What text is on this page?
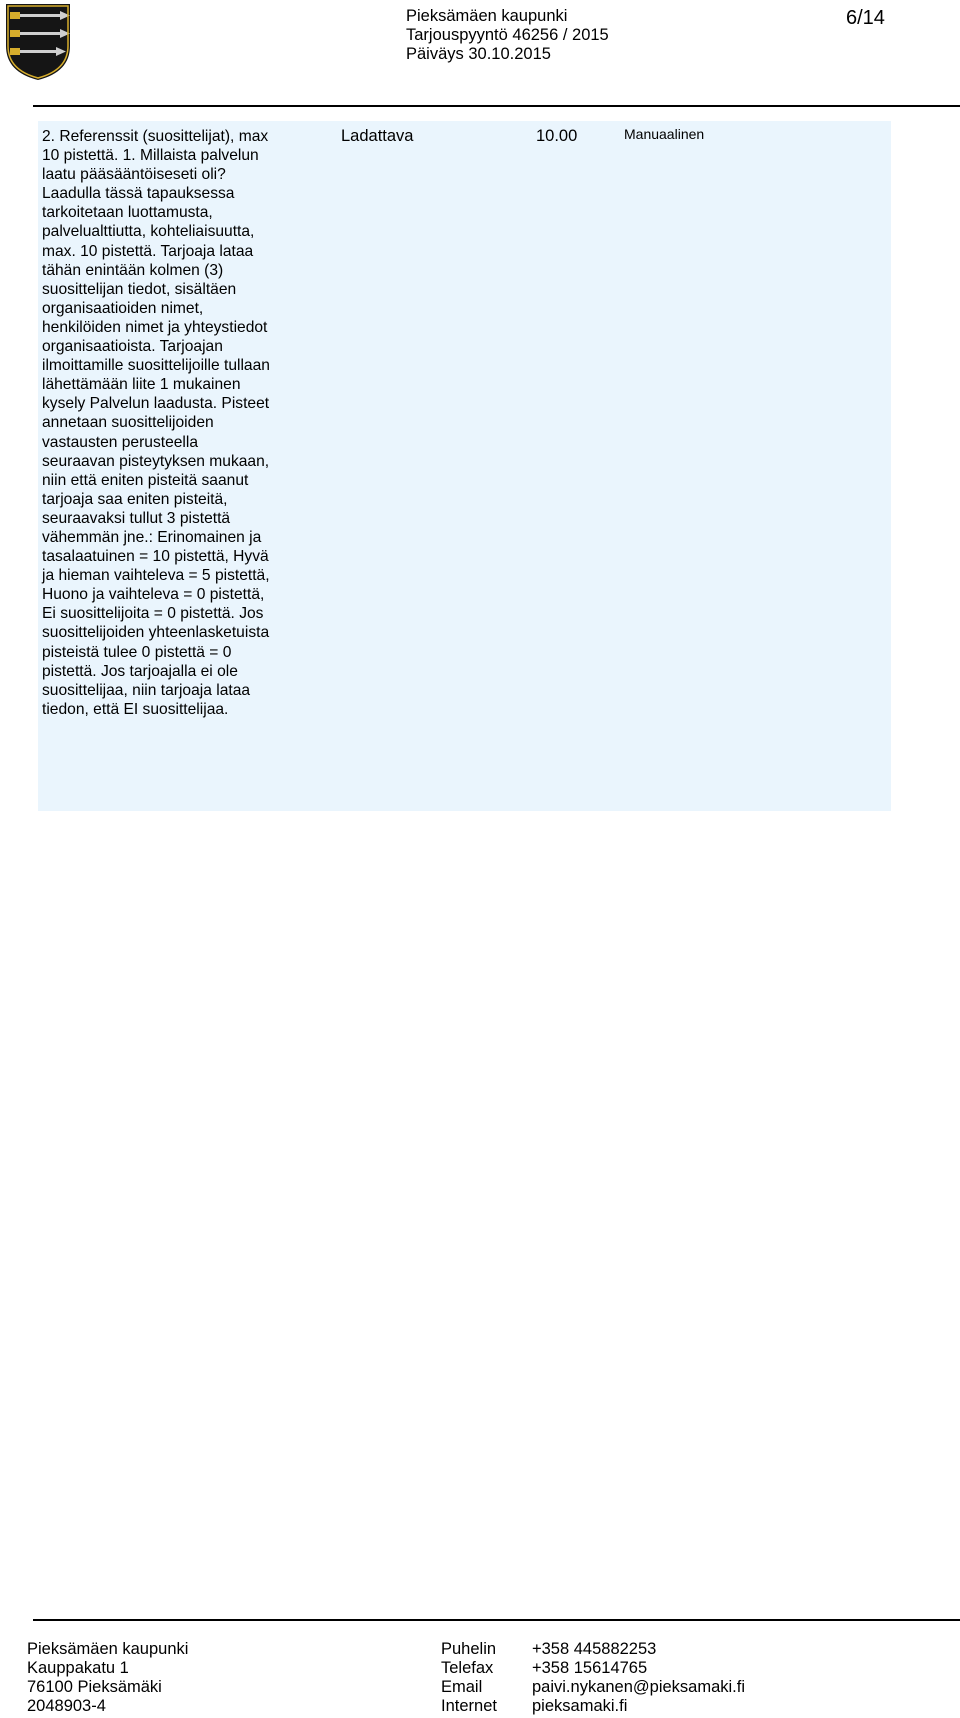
Pieksämäen kaupunki
Tarjouspyyntö 46256 / 2015
Päiväys 30.10.2015
6/14
2. Referenssit (suosittelijat), max 10 pistettä. 1. Millaista palvelun laatu pääsääntöiseseti oli? Laadulla tässä tapauksessa tarkoitetaan luottamusta, palvelualttiutta, kohteliaisuutta, max. 10 pistettä. Tarjoaja lataa tähän enintään kolmen (3) suosittelijan tiedot, sisältäen organisaatioiden nimet, henkilöiden nimet ja yhteystiedot organisaatioista. Tarjoajan ilmoittamille suosittelijoille tullaan lähettämään liite 1 mukainen kysely Palvelun laadusta. Pisteet annetaan suosittelijoiden vastausten perusteella seuraavan pisteytyksen mukaan, niin että eniten pisteitä saanut tarjoaja saa eniten pisteitä, seuraavaksi tullut 3 pistettä vähemmän jne.: Erinomainen ja tasalaatuinen = 10 pistettä, Hyvä ja hieman vaihteleva = 5 pistettä, Huono ja vaihteleva = 0 pistettä, Ei suosittelijoita = 0 pistettä. Jos suosittelijoiden yhteenlasketuista pisteistä tulee 0 pistettä = 0 pistettä. Jos tarjoajalla ei ole suosittelijaa, niin tarjoaja lataa tiedon, että EI suosittelijaa.
Ladattava	10.00	Manuaalinen
Pieksämäen kaupunki
Kauppakatu 1
76100 Pieksämäki
2048903-4
Puhelin
Telefax
Email
Internet
+358 445882253
+358 15614765
paivi.nykanen@pieksamaki.fi
pieksamaki.fi
